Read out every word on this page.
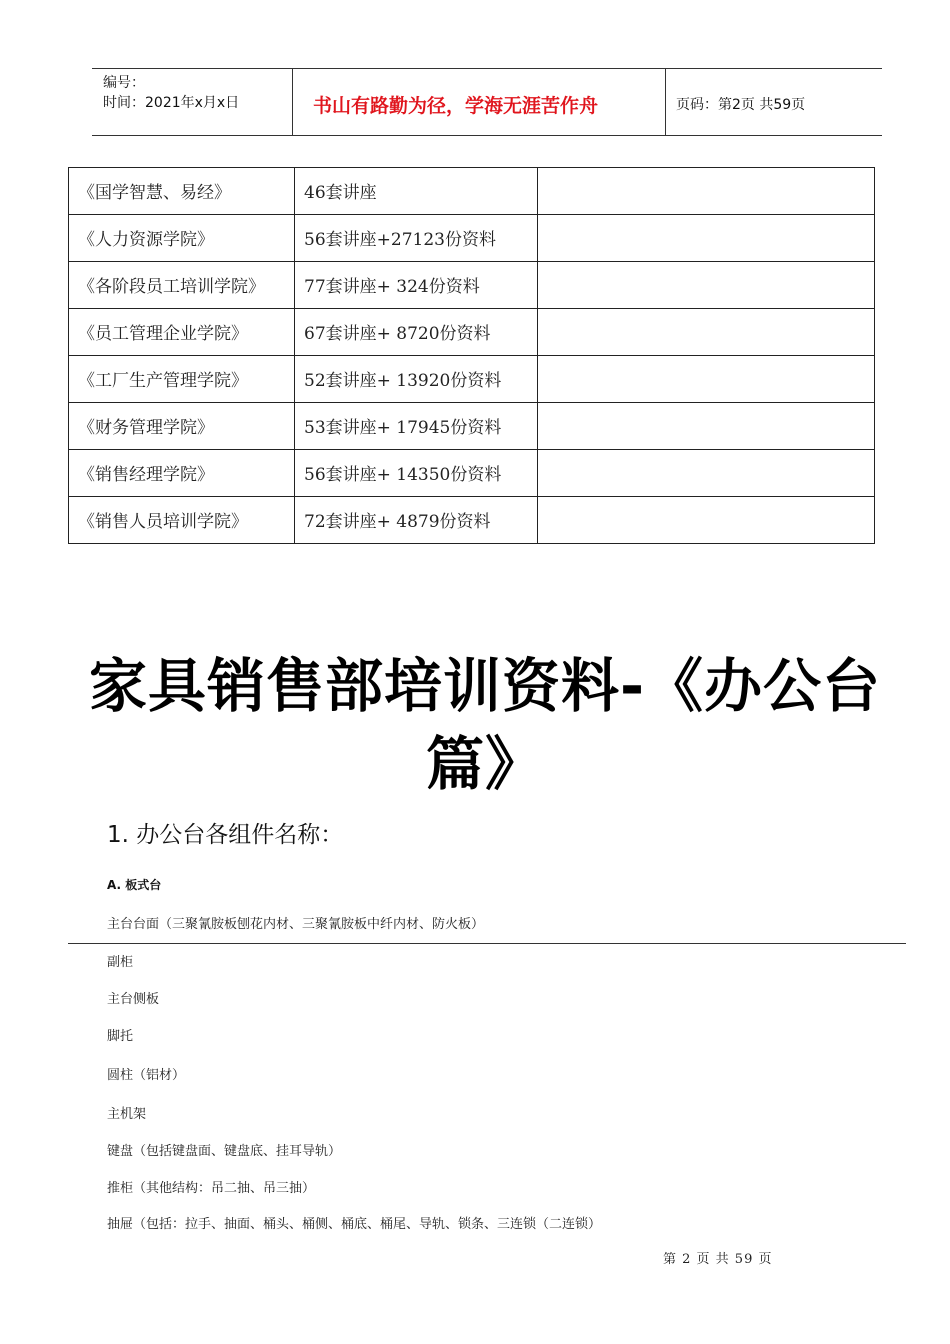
编号：
时间：2021年x月x日	书山有路勤为径，学海无涯苦作舟	页码：第2页 共59页
《国学智慧、易经》	46套讲座	
《人力资源学院》	56套讲座+27123份资料	
《各阶段员工培训学院》	77套讲座+ 324份资料	
《员工管理企业学院》	67套讲座+ 8720份资料	
《工厂生产管理学院》	52套讲座+ 13920份资料	
《财务管理学院》	53套讲座+ 17945份资料	
《销售经理学院》	56套讲座+ 14350份资料	
《销售人员培训学院》	72套讲座+ 4879份资料	
家具销售部培训资料-《办公台
篇》
1. 办公台各组件名称：
A. 板式台
主台台面（三聚氰胺板刨花内材、三聚氰胺板中纤内材、防火板）
副柜
主台侧板
脚托
圆柱（铝材）
主机架
键盘（包括键盘面、键盘底、挂耳导轨）
推柜（其他结构：吊二抽、吊三抽）
抽屉（包括：拉手、抽面、桶头、桶侧、桶底、桶尾、导轨、锁条、三连锁（二连锁）
第 2 页 共 59 页
